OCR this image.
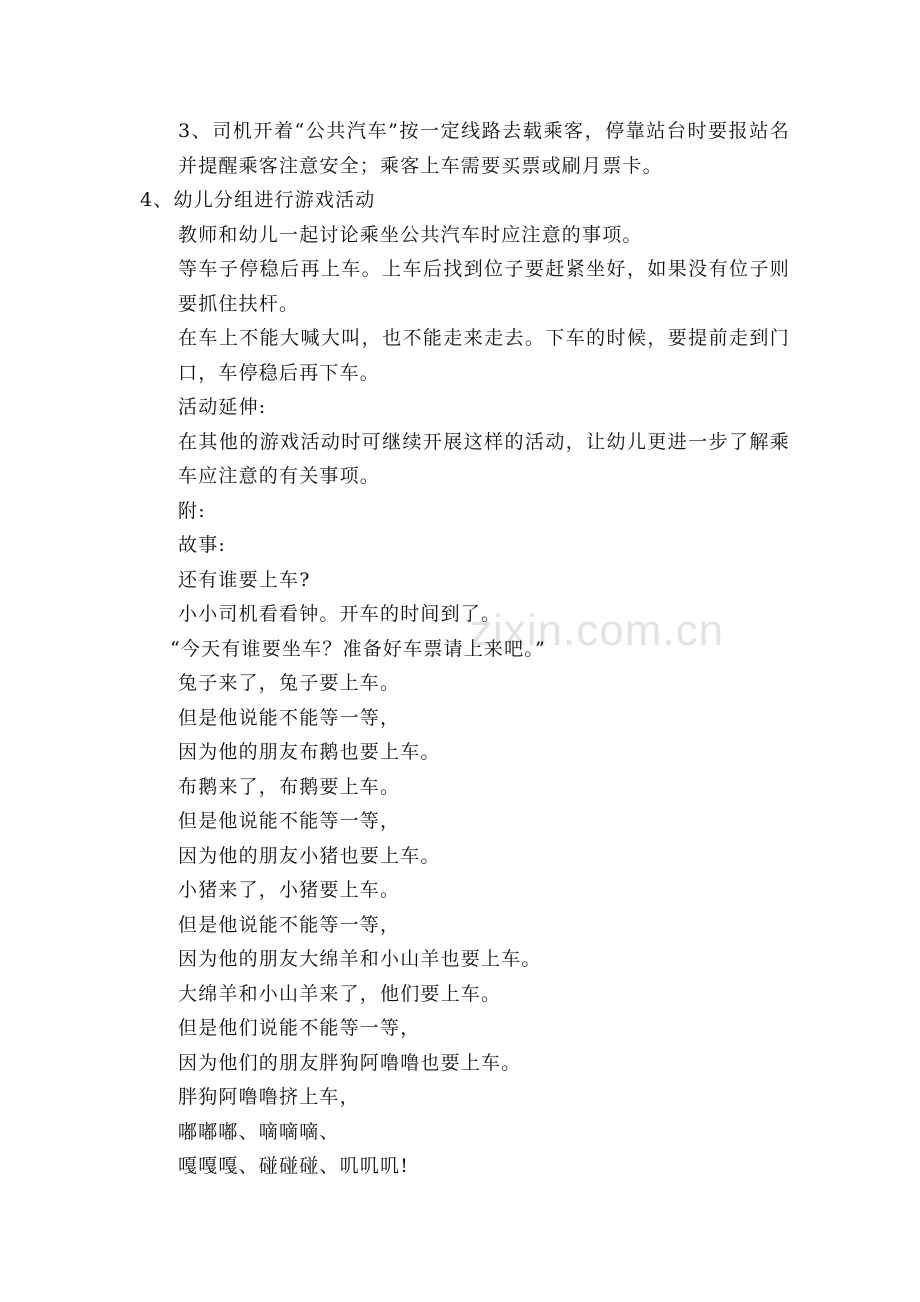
zixin.com.cn

3、司机开着“公共汽车”按一定线路去载乘客，停靠站台时要报站名并提醒乘客注意安全；乘客上车需要买票或刷月票卡。

4、幼儿分组进行游戏活动

教师和幼儿一起讨论乘坐公共汽车时应注意的事项。

等车子停稳后再上车。上车后找到位子要赶紧坐好，如果没有位子则要抓住扶杆。

在车上不能大喊大叫，也不能走来走去。下车的时候，要提前走到门口，车停稳后再下车。

活动延伸:

在其他的游戏活动时可继续开展这样的活动，让幼儿更进一步了解乘车应注意的有关事项。

附:

故事:

还有谁要上车?

小小司机看看钟。开车的时间到了。

“今天有谁要坐车？准备好车票请上来吧。”

兔子来了，兔子要上车。

但是他说能不能等一等，

因为他的朋友布鹅也要上车。

布鹅来了，布鹅要上车。

但是他说能不能等一等，

因为他的朋友小猪也要上车。

小猪来了，小猪要上车。

但是他说能不能等一等，

因为他的朋友大绵羊和小山羊也要上车。

大绵羊和小山羊来了，他们要上车。

但是他们说能不能等一等，

因为他们的朋友胖狗阿噜噜也要上车。

胖狗阿噜噜挤上车，

嘟嘟嘟、嘀嘀嘀、

嘎嘎嘎、碰碰碰、叽叽叽!
